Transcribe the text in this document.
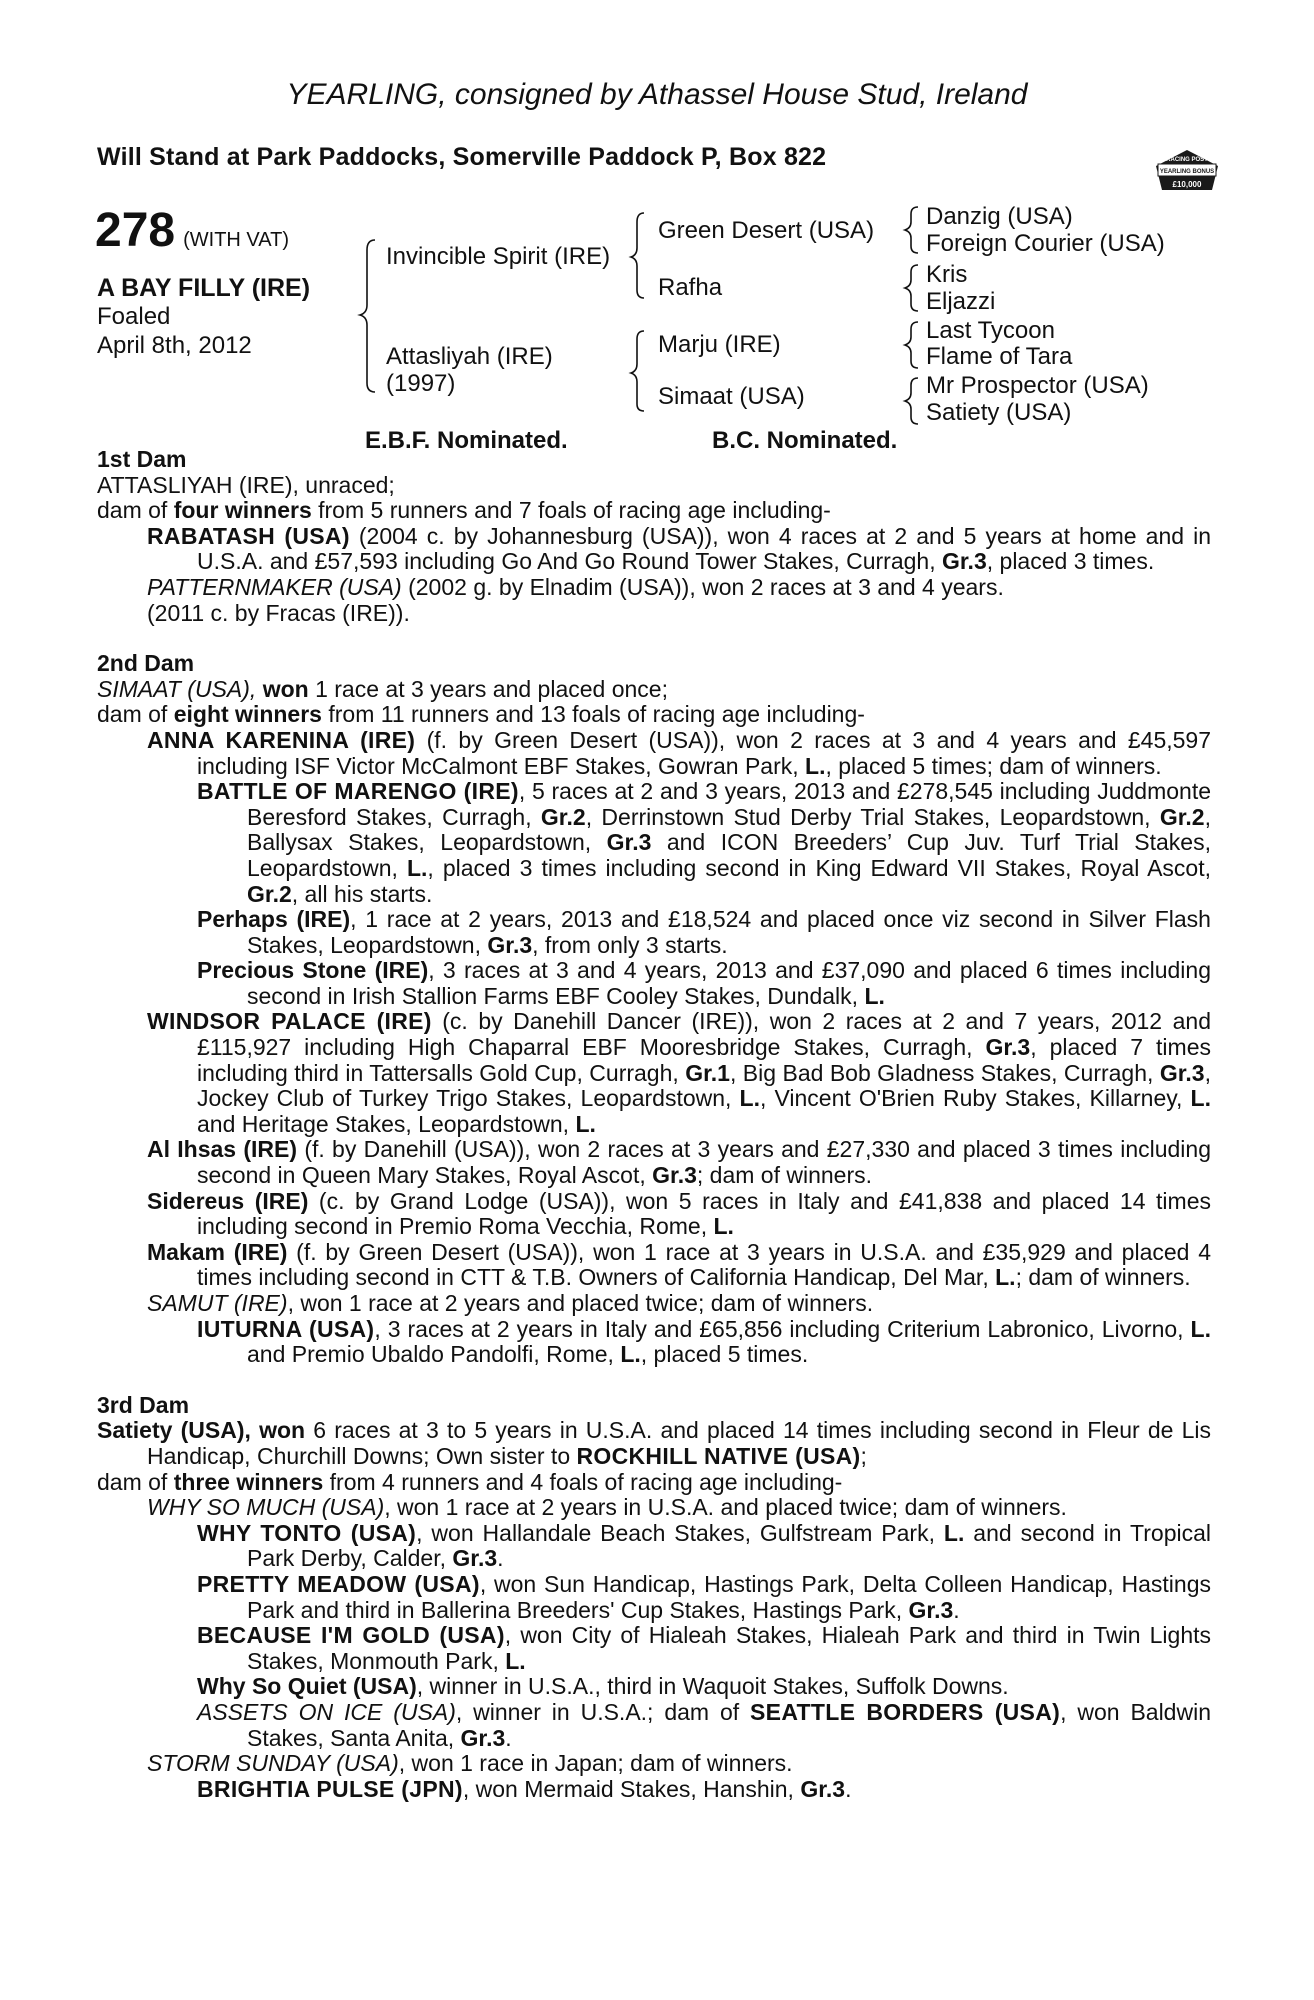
YEARLING, consigned by Athassel House Stud, Ireland
Will Stand at Park Paddocks, Somerville Paddock P, Box 822	RACING POST
YEARLING BONUS
£10,000
278 (WITH VAT)
A BAY FILLY (IRE)
Foaled
April 8th, 2012
Invincible Spirit (IRE)
Attasliyah (IRE)
(1997)
Green Desert (USA)
Rafha
Marju (IRE)
Simaat (USA)
Danzig (USA)
Foreign Courier (USA)
Kris
Eljazzi
Last Tycoon
Flame of Tara
Mr Prospector (USA)
Satiety (USA)
E.B.F. Nominated.	B.C. Nominated.

1st Dam

ATTASLIYAH (IRE), unraced;

dam of four winners from 5 runners and 7 foals of racing age including-

RABATASH (USA) (2004 c. by Johannesburg (USA)), won 4 races at 2 and 5 years at home and in U.S.A. and £57,593 including Go And Go Round Tower Stakes, Curragh, Gr.3, placed 3 times.

PATTERNMAKER (USA) (2002 g. by Elnadim (USA)), won 2 races at 3 and 4 years.

(2011 c. by Fracas (IRE)).

2nd Dam

SIMAAT (USA), won 1 race at 3 years and placed once;

dam of eight winners from 11 runners and 13 foals of racing age including-

ANNA KARENINA (IRE) (f. by Green Desert (USA)), won 2 races at 3 and 4 years and £45,597 including ISF Victor McCalmont EBF Stakes, Gowran Park, L., placed 5 times; dam of winners.

BATTLE OF MARENGO (IRE), 5 races at 2 and 3 years, 2013 and £278,545 including Juddmonte Beresford Stakes, Curragh, Gr.2, Derrinstown Stud Derby Trial Stakes, Leopardstown, Gr.2, Ballysax Stakes, Leopardstown, Gr.3 and ICON Breeders’ Cup Juv. Turf Trial Stakes, Leopardstown, L., placed 3 times including second in King Edward VII Stakes, Royal Ascot, Gr.2, all his starts.

Perhaps (IRE), 1 race at 2 years, 2013 and £18,524 and placed once viz second in Silver Flash Stakes, Leopardstown, Gr.3, from only 3 starts.

Precious Stone (IRE), 3 races at 3 and 4 years, 2013 and £37,090 and placed 6 times including second in Irish Stallion Farms EBF Cooley Stakes, Dundalk, L.

WINDSOR PALACE (IRE) (c. by Danehill Dancer (IRE)), won 2 races at 2 and 7 years, 2012 and £115,927 including High Chaparral EBF Mooresbridge Stakes, Curragh, Gr.3, placed 7 times including third in Tattersalls Gold Cup, Curragh, Gr.1, Big Bad Bob Gladness Stakes, Curragh, Gr.3, Jockey Club of Turkey Trigo Stakes, Leopardstown, L., Vincent O'Brien Ruby Stakes, Killarney, L. and Heritage Stakes, Leopardstown, L.

Al Ihsas (IRE) (f. by Danehill (USA)), won 2 races at 3 years and £27,330 and placed 3 times including second in Queen Mary Stakes, Royal Ascot, Gr.3; dam of winners.

Sidereus (IRE) (c. by Grand Lodge (USA)), won 5 races in Italy and £41,838 and placed 14 times including second in Premio Roma Vecchia, Rome, L.

Makam (IRE) (f. by Green Desert (USA)), won 1 race at 3 years in U.S.A. and £35,929 and placed 4 times including second in CTT & T.B. Owners of California Handicap, Del Mar, L.; dam of winners.

SAMUT (IRE), won 1 race at 2 years and placed twice; dam of winners.

IUTURNA (USA), 3 races at 2 years in Italy and £65,856 including Criterium Labronico, Livorno, L. and Premio Ubaldo Pandolfi, Rome, L., placed 5 times.

3rd Dam

Satiety (USA), won 6 races at 3 to 5 years in U.S.A. and placed 14 times including second in Fleur de Lis Handicap, Churchill Downs; Own sister to ROCKHILL NATIVE (USA);

dam of three winners from 4 runners and 4 foals of racing age including-

WHY SO MUCH (USA), won 1 race at 2 years in U.S.A. and placed twice; dam of winners.

WHY TONTO (USA), won Hallandale Beach Stakes, Gulfstream Park, L. and second in Tropical Park Derby, Calder, Gr.3.

PRETTY MEADOW (USA), won Sun Handicap, Hastings Park, Delta Colleen Handicap, Hastings Park and third in Ballerina Breeders' Cup Stakes, Hastings Park, Gr.3.

BECAUSE I'M GOLD (USA), won City of Hialeah Stakes, Hialeah Park and third in Twin Lights Stakes, Monmouth Park, L.

Why So Quiet (USA), winner in U.S.A., third in Waquoit Stakes, Suffolk Downs.

ASSETS ON ICE (USA), winner in U.S.A.; dam of SEATTLE BORDERS (USA), won Baldwin Stakes, Santa Anita, Gr.3.

STORM SUNDAY (USA), won 1 race in Japan; dam of winners.

BRIGHTIA PULSE (JPN), won Mermaid Stakes, Hanshin, Gr.3.
